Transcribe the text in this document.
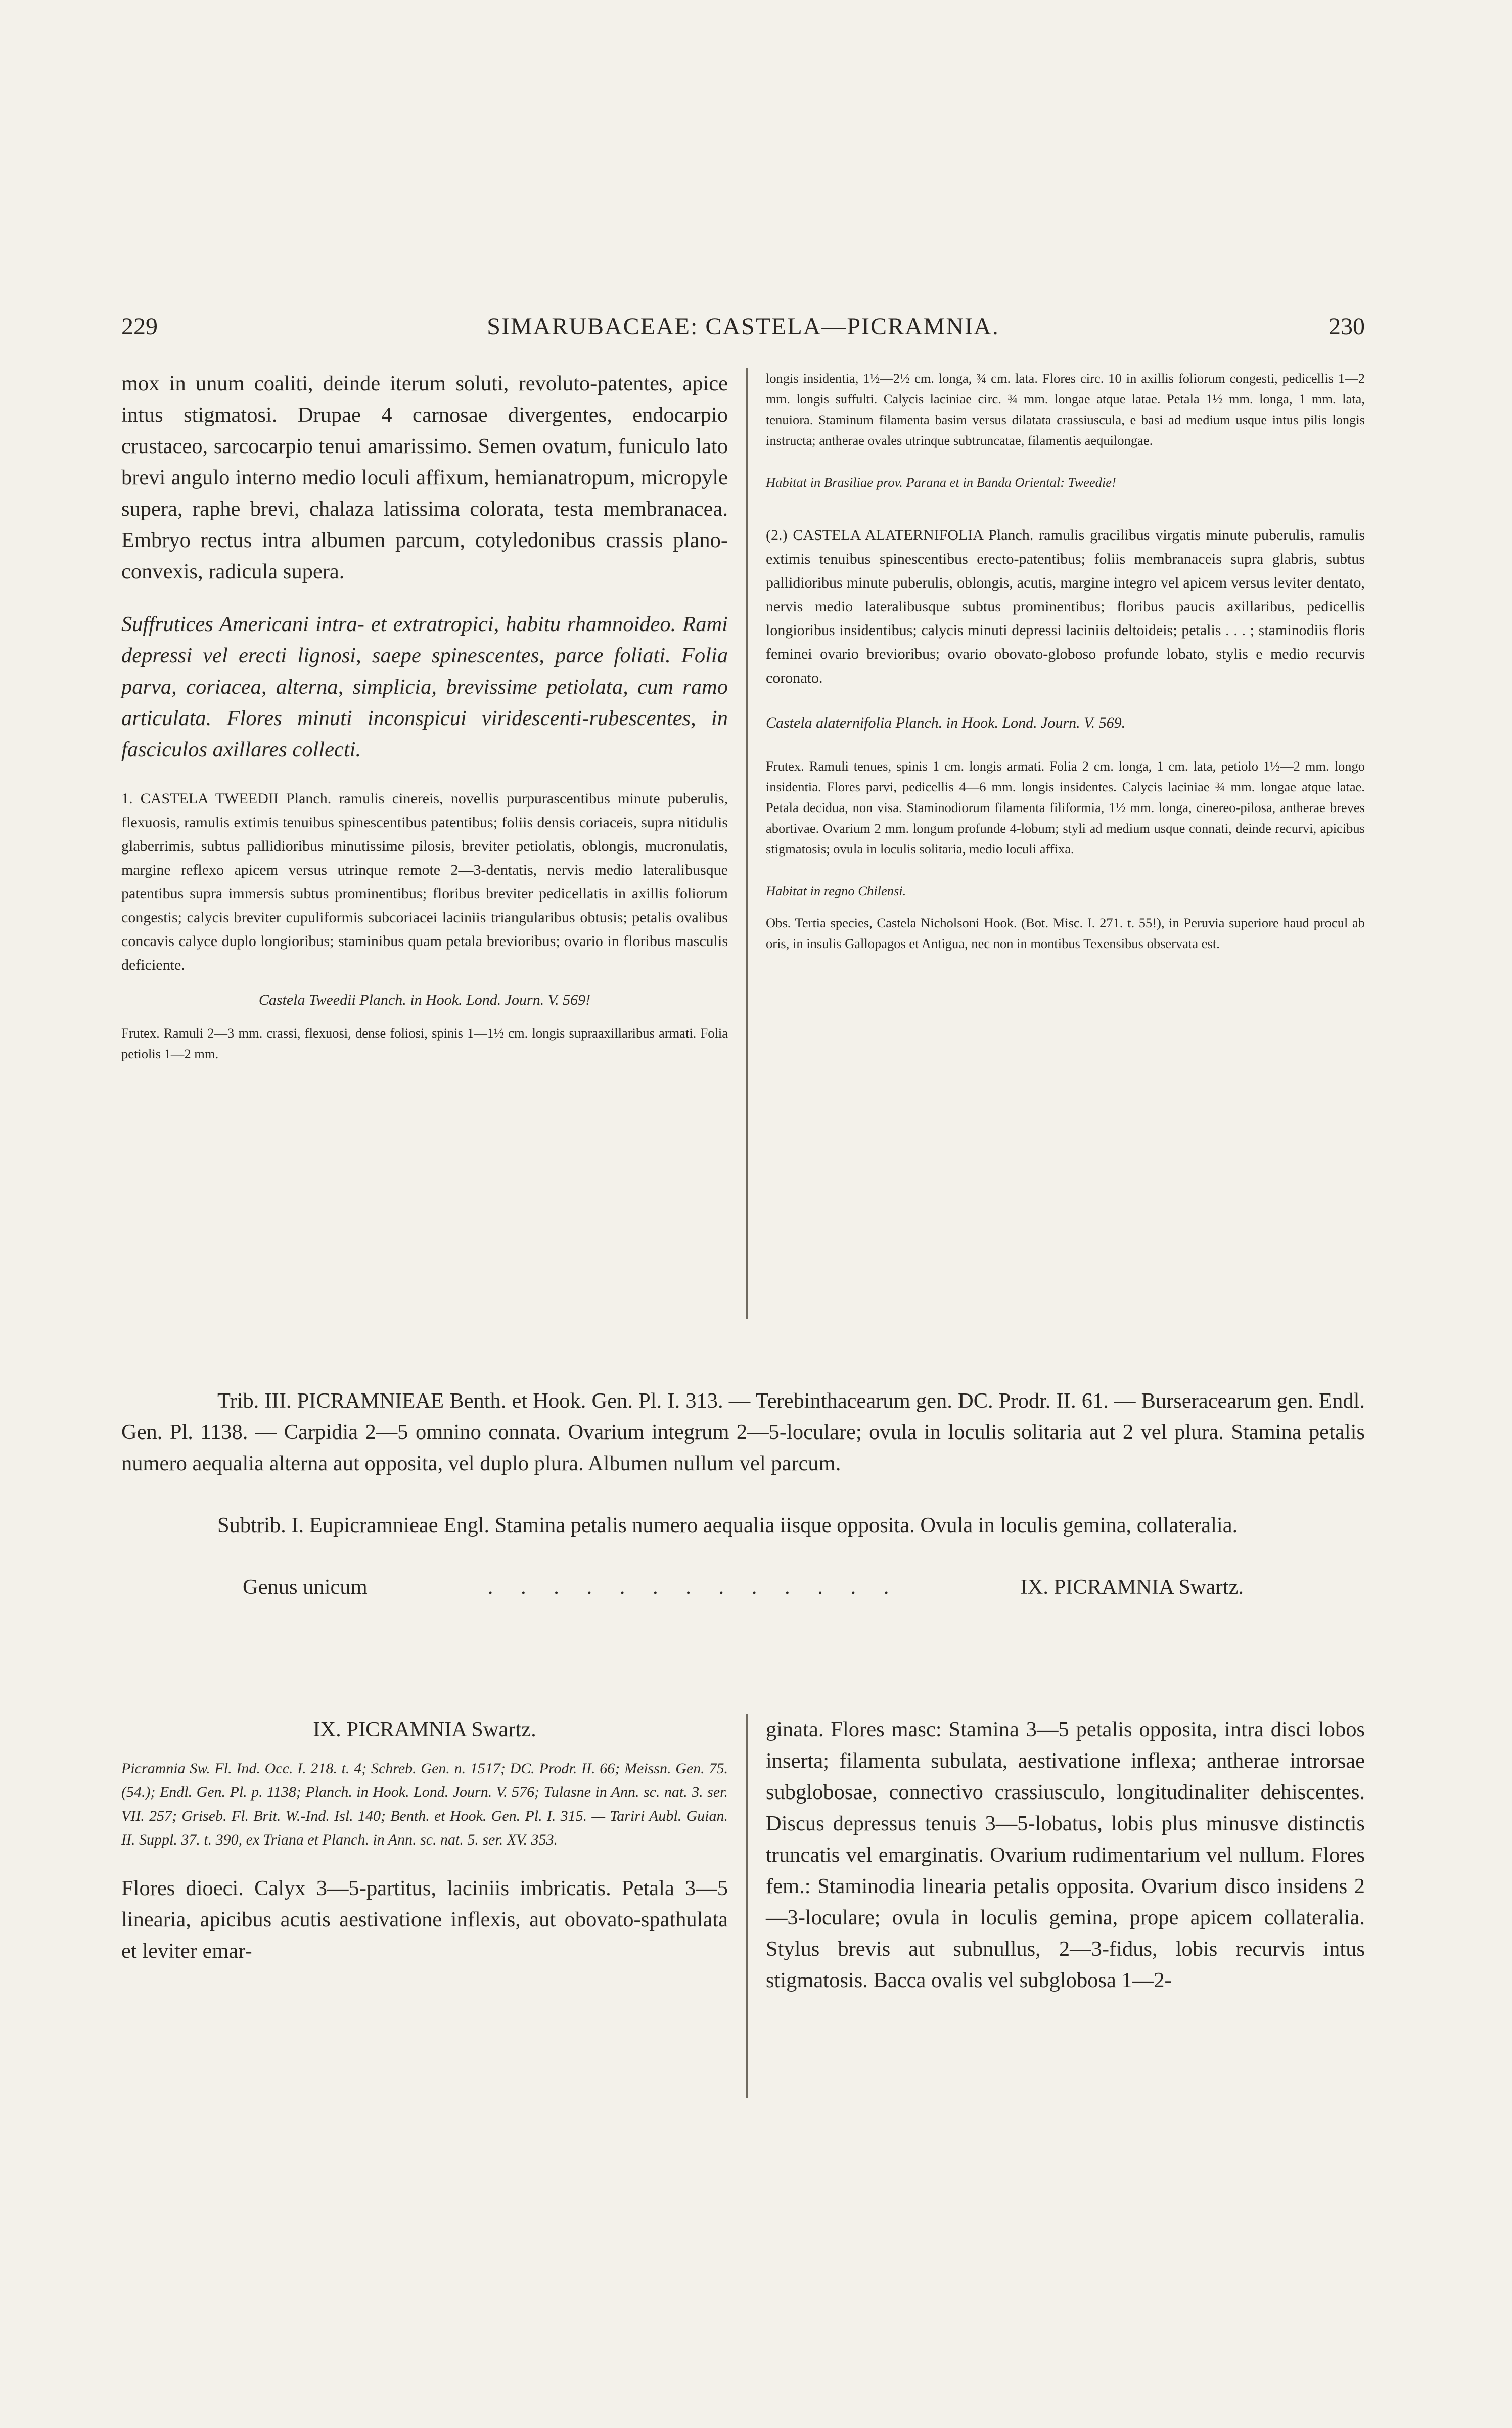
229	SIMARUBACEAE: CASTELA—PICRAMNIA.	230

mox in unum coaliti, deinde iterum soluti, revoluto-patentes, apice intus stigmatosi. Drupae 4 carnosae divergentes, endocarpio crustaceo, sarcocarpio tenui amarissimo. Semen ovatum, funiculo lato brevi angulo interno medio loculi affixum, hemianatropum, micropyle supera, raphe brevi, chalaza latissima colorata, testa membranacea. Embryo rectus intra albumen parcum, cotyledonibus crassis plano-convexis, radicula supera.

Suffrutices Americani intra- et extratropici, habitu rhamnoideo. Rami depressi vel erecti lignosi, saepe spinescentes, parce foliati. Folia parva, coriacea, alterna, simplicia, brevissime petiolata, cum ramo articulata. Flores minuti inconspicui viridescenti-rubescentes, in fasciculos axillares collecti.

1. CASTELA TWEEDII Planch. ramulis cinereis, novellis purpurascentibus minute puberulis, flexuosis, ramulis extimis tenuibus spinescentibus patentibus; foliis densis coriaceis, supra nitidulis glaberrimis, subtus pallidioribus minutissime pilosis, breviter petiolatis, oblongis, mucronulatis, margine reflexo apicem versus utrinque remote 2—3-dentatis, nervis medio lateralibusque patentibus supra immersis subtus prominentibus; floribus breviter pedicellatis in axillis foliorum congestis; calycis breviter cupuliformis subcoriacei laciniis triangularibus obtusis; petalis ovalibus concavis calyce duplo longioribus; staminibus quam petala brevioribus; ovario in floribus masculis deficiente.

Castela Tweedii Planch. in Hook. Lond. Journ. V. 569!

Frutex. Ramuli 2—3 mm. crassi, flexuosi, dense foliosi, spinis 1—1½ cm. longis supraaxillaribus armati. Folia petiolis 1—2 mm.

longis insidentia, 1½—2½ cm. longa, ¾ cm. lata. Flores circ. 10 in axillis foliorum congesti, pedicellis 1—2 mm. longis suffulti. Calycis laciniae circ. ¾ mm. longae atque latae. Petala 1½ mm. longa, 1 mm. lata, tenuiora. Staminum filamenta basim versus dilatata crassiuscula, e basi ad medium usque intus pilis longis instructa; antherae ovales utrinque subtruncatae, filamentis aequilongae.

Habitat in Brasiliae prov. Parana et in Banda Oriental: Tweedie!

(2.) CASTELA ALATERNIFOLIA Planch. ramulis gracilibus virgatis minute puberulis, ramulis extimis tenuibus spinescentibus erecto-patentibus; foliis membranaceis supra glabris, subtus pallidioribus minute puberulis, oblongis, acutis, margine integro vel apicem versus leviter dentato, nervis medio lateralibusque subtus prominentibus; floribus paucis axillaribus, pedicellis longioribus insidentibus; calycis minuti depressi laciniis deltoideis; petalis . . . ; staminodiis floris feminei ovario brevioribus; ovario obovato-globoso profunde lobato, stylis e medio recurvis coronato.

Castela alaternifolia Planch. in Hook. Lond. Journ. V. 569.

Frutex. Ramuli tenues, spinis 1 cm. longis armati. Folia 2 cm. longa, 1 cm. lata, petiolo 1½—2 mm. longo insidentia. Flores parvi, pedicellis 4—6 mm. longis insidentes. Calycis laciniae ¾ mm. longae atque latae. Petala decidua, non visa. Staminodiorum filamenta filiformia, 1½ mm. longa, cinereo-pilosa, antherae breves abortivae. Ovarium 2 mm. longum profunde 4-lobum; styli ad medium usque connati, deinde recurvi, apicibus stigmatosis; ovula in loculis solitaria, medio loculi affixa.

Habitat in regno Chilensi.

Obs. Tertia species, Castela Nicholsoni Hook. (Bot. Misc. I. 271. t. 55!), in Peruvia superiore haud procul ab oris, in insulis Gallopagos et Antigua, nec non in montibus Texensibus observata est.

Trib. III. PICRAMNIEAE Benth. et Hook. Gen. Pl. I. 313. — Terebinthacearum gen. DC. Prodr. II. 61. — Burseracearum gen. Endl. Gen. Pl. 1138. — Carpidia 2—5 omnino connata. Ovarium integrum 2—5-loculare; ovula in loculis solitaria aut 2 vel plura. Stamina petalis numero aequalia alterna aut opposita, vel duplo plura. Albumen nullum vel parcum.

Subtrib. I. Eupicramnieae Engl. Stamina petalis numero aequalia iisque opposita. Ovula in loculis gemina, collateralia.

Genus unicum	. . . . . . . . . . . . .	IX. PICRAMNIA Swartz.
IX. PICRAMNIA Swartz.

Picramnia Sw. Fl. Ind. Occ. I. 218. t. 4; Schreb. Gen. n. 1517; DC. Prodr. II. 66; Meissn. Gen. 75. (54.); Endl. Gen. Pl. p. 1138; Planch. in Hook. Lond. Journ. V. 576; Tulasne in Ann. sc. nat. 3. ser. VII. 257; Griseb. Fl. Brit. W.-Ind. Isl. 140; Benth. et Hook. Gen. Pl. I. 315. — Tariri Aubl. Guian. II. Suppl. 37. t. 390, ex Triana et Planch. in Ann. sc. nat. 5. ser. XV. 353.

Flores dioeci. Calyx 3—5-partitus, laciniis imbricatis. Petala 3—5 linearia, apicibus acutis aestivatione inflexis, aut obovato-spathulata et leviter emar-

ginata. Flores masc: Stamina 3—5 petalis opposita, intra disci lobos inserta; filamenta subulata, aestivatione inflexa; antherae introrsae subglobosae, connectivo crassiusculo, longitudinaliter dehiscentes. Discus depressus tenuis 3—5-lobatus, lobis plus minusve distinctis truncatis vel emarginatis. Ovarium rudimentarium vel nullum. Flores fem.: Staminodia linearia petalis opposita. Ovarium disco insidens 2—3-loculare; ovula in loculis gemina, prope apicem collateralia. Stylus brevis aut subnullus, 2—3-fidus, lobis recurvis intus stigmatosis. Bacca ovalis vel subglobosa 1—2-
